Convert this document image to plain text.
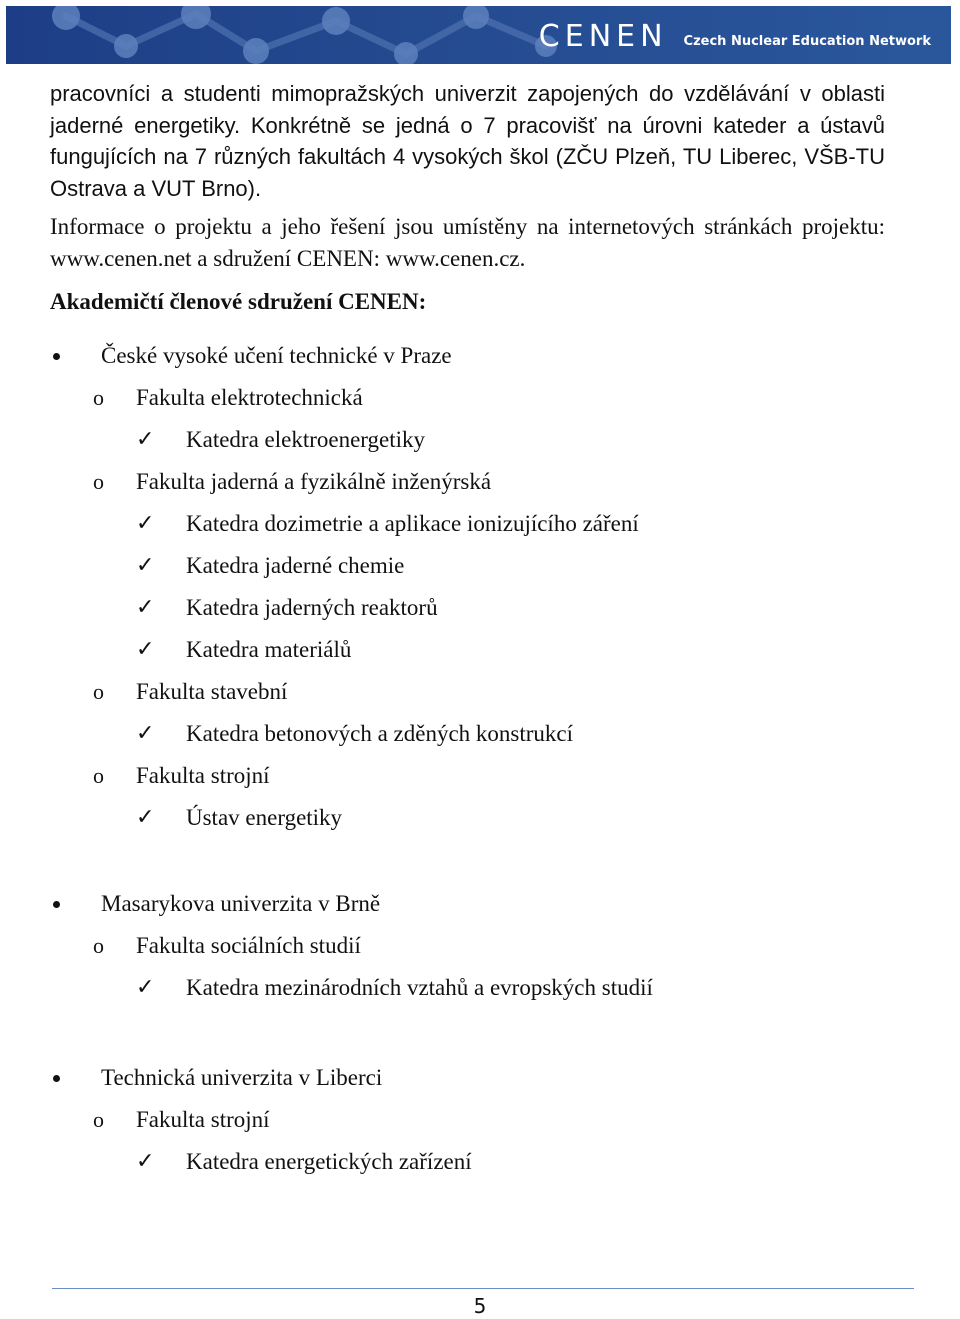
CENEN Czech Nuclear Education Network

pracovníci a studenti mimopražských univerzit zapojených do vzdělávání v oblasti jaderné energetiky. Konkrétně se jedná o 7 pracovišť na úrovni kateder a ústavů fungujících na 7 různých fakultách 4 vysokých škol (ZČU Plzeň, TU Liberec, VŠB-TU Ostrava a VUT Brno).

Informace o projektu a jeho řešení jsou umístěny na internetových stránkách projektu: www.cenen.net a sdružení CENEN: www.cenen.cz.

Akademičtí členové sdružení CENEN:

České vysoké učení technické v Praze
o Fakulta elektrotechnická
✓ Katedra elektroenergetiky
o Fakulta jaderná a fyzikálně inženýrská
✓ Katedra dozimetrie a aplikace ionizujícího záření
✓ Katedra jaderné chemie
✓ Katedra jaderných reaktorů
✓ Katedra materiálů
o Fakulta stavební
✓ Katedra betonových a zděných konstrukcí
o Fakulta strojní
✓ Ústav energetiky
Masarykova univerzita v Brně
o Fakulta sociálních studií
✓ Katedra mezinárodních vztahů a evropských studií
Technická univerzita v Liberci
o Fakulta strojní
✓ Katedra energetických zařízení
5
